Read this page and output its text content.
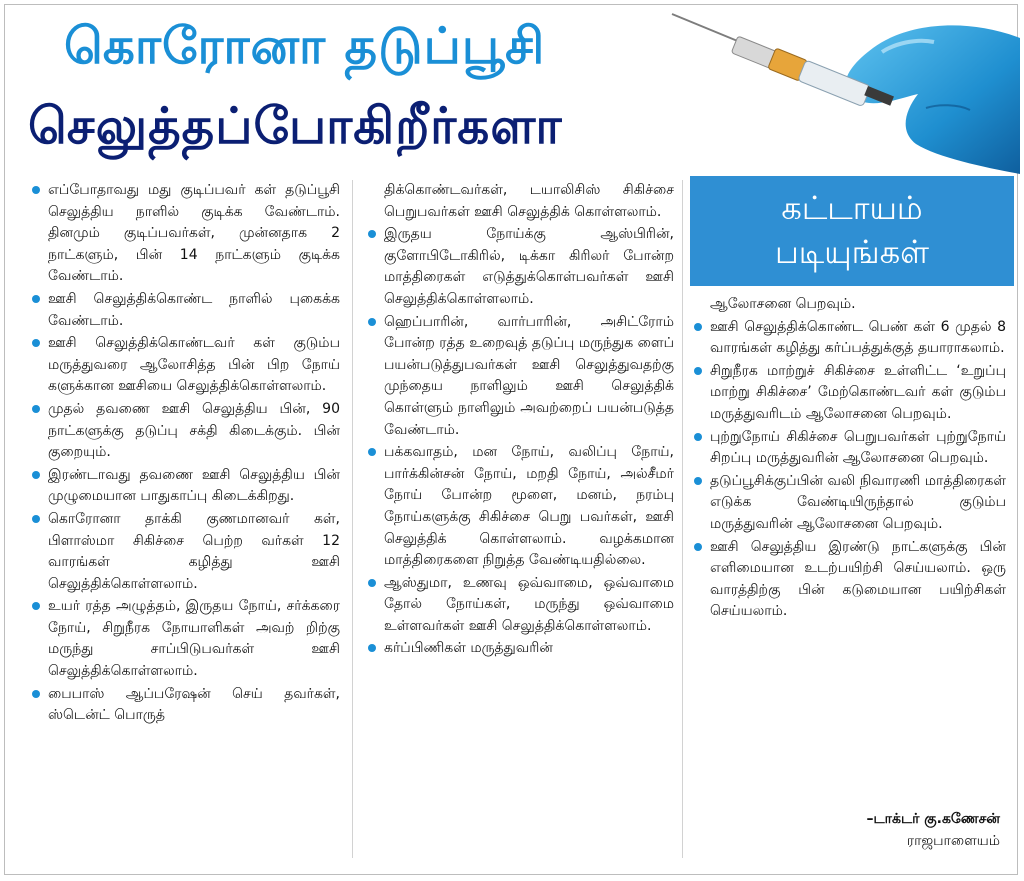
கொரோனா தடுப்பூசி
செலுத்தப்போகிறீர்களா
கட்டாயம்
படியுங்கள்
எப்போதாவது மது குடிப்பவர் கள் தடுப்பூசி செலுத்திய நாளில் குடிக்க வேண்டாம். தினமும் குடிப்பவர்கள், முன்னதாக 2 நாட்களும், பின் 14 நாட்களும் குடிக்க வேண்டாம்.
ஊசி செலுத்திக்கொண்ட நாளில் புகைக்க வேண்டாம்.
ஊசி செலுத்திக்கொண்டவர் கள் குடும்ப மருத்துவரை ஆலோசித்த பின் பிற நோய் களுக்கான ஊசியை செலுத்திக்கொள்ளலாம்.
முதல் தவணை ஊசி செலுத்திய பின், 90 நாட்களுக்கு தடுப்பு சக்தி கிடைக்கும். பின் குறையும்.
இரண்டாவது தவணை ஊசி செலுத்திய பின் முழுமையான பாதுகாப்பு கிடைக்கிறது.
கொரோனா தாக்கி குணமானவர் கள், பிளாஸ்மா சிகிச்சை பெற்ற வர்கள் 12 வாரங்கள் கழித்து ஊசி செலுத்திக்கொள்ளலாம்.
உயர் ரத்த அழுத்தம், இருதய நோய், சர்க்கரை நோய், சிறுநீரக நோயாளிகள் அவற் றிற்கு மருந்து சாப்பிடுபவர்கள் ஊசி செலுத்திக்கொள்ளலாம்.
பைபாஸ் ஆப்பரேஷன் செய் தவர்கள், ஸ்டென்ட் பொருத்
திக்கொண்டவர்கள், டயாலிசிஸ் சிகிச்சை பெறுபவர்கள் ஊசி செலுத்திக் கொள்ளலாம்.
இருதய நோய்க்கு ஆஸ்பிரின், குளோபிடோகிரில், டிக்கா கிரிலர் போன்ற மாத்திரைகள் எடுத்துக்கொள்பவர்கள் ஊசி செலுத்திக்கொள்ளலாம்.
ஹெப்பாரின், வார்பாரின், அசிட்ரோம் போன்ற ரத்த உறைவுத் தடுப்பு மருந்துக ளைப் பயன்படுத்துபவர்கள் ஊசி செலுத்துவதற்கு முந்தைய நாளிலும் ஊசி செலுத்திக் கொள்ளும் நாளிலும் அவற்றைப் பயன்படுத்த வேண்டாம்.
பக்கவாதம், மன நோய், வலிப்பு நோய், பார்க்கின்சன் நோய், மறதி நோய், அல்சீமர் நோய் போன்ற மூளை, மனம், நரம்பு நோய்களுக்கு சிகிச்சை பெறு பவர்கள், ஊசி செலுத்திக் கொள்ளலாம். வழக்கமான மாத்திரைகளை நிறுத்த வேண்டியதில்லை.
ஆஸ்துமா, உணவு ஒவ்வாமை, ஒவ்வாமை தோல் நோய்கள், மருந்து ஒவ்வாமை உள்ளவர்கள் ஊசி செலுத்திக்கொள்ளலாம்.
கர்ப்பிணிகள் மருத்துவரின்
ஆலோசனை பெறவும்.
ஊசி செலுத்திக்கொண்ட பெண் கள் 6 முதல் 8 வாரங்கள் கழித்து கர்ப்பத்துக்குத் தயாராகலாம்.
சிறுநீரக மாற்றுச் சிகிச்சை உள்ளிட்ட ‘உறுப்பு மாற்று சிகிச்சை’ மேற்கொண்டவர் கள் குடும்ப மருத்துவரிடம் ஆலோசனை பெறவும்.
புற்றுநோய் சிகிச்சை பெறுபவர்கள் புற்றுநோய் சிறப்பு மருத்துவரின் ஆலோசனை பெறவும்.
தடுப்பூசிக்குப்பின் வலி நிவாரணி மாத்திரைகள் எடுக்க வேண்டியிருந்தால் குடும்ப மருத்துவரின் ஆலோசனை பெறவும்.
ஊசி செலுத்திய இரண்டு நாட்களுக்கு பின் எளிமையான உடற்பயிற்சி செய்யலாம். ஒரு வாரத்திற்கு பின் கடுமையான பயிற்சிகள் செய்யலாம்.
–டாக்டர் கு.கணேசன்
ராஜபாளையம்
